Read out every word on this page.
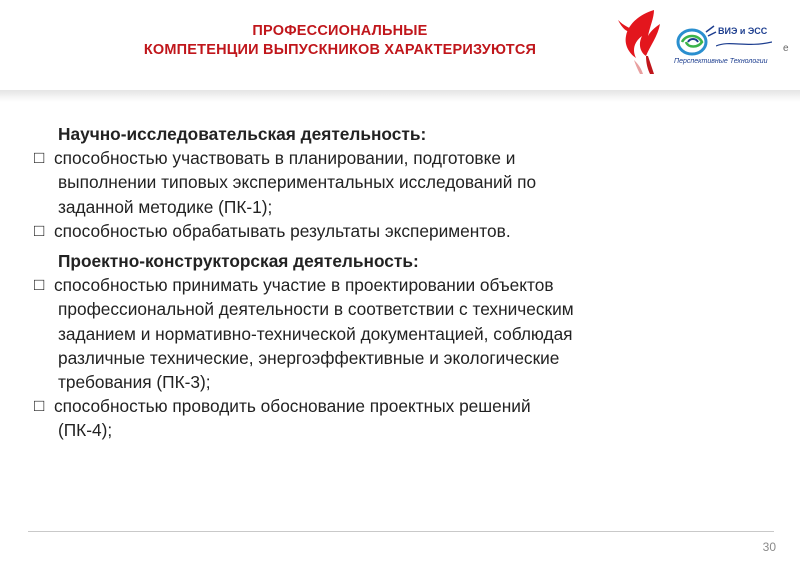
ПРОФЕССИОНАЛЬНЫЕ
КОМПЕТЕНЦИИ ВЫПУСКНИКОВ ХАРАКТЕРИЗУЮТСЯ
ВИЭ и ЭСС
Перспективные Технологии
е
Научно-исследовательская деятельность:
□ способностью участвовать в планировании, подготовке и
выполнении типовых экспериментальных исследований по
заданной методике (ПК-1);
□ способностью обрабатывать результаты экспериментов.
Проектно-конструкторская деятельность:
□ способностью принимать участие в проектировании объектов
профессиональной деятельности в соответствии с техническим
заданием и нормативно-технической документацией, соблюдая
различные технические, энергоэффективные и экологические
требования (ПК-3);
□ способностью проводить обоснование проектных решений
(ПК-4);
30
